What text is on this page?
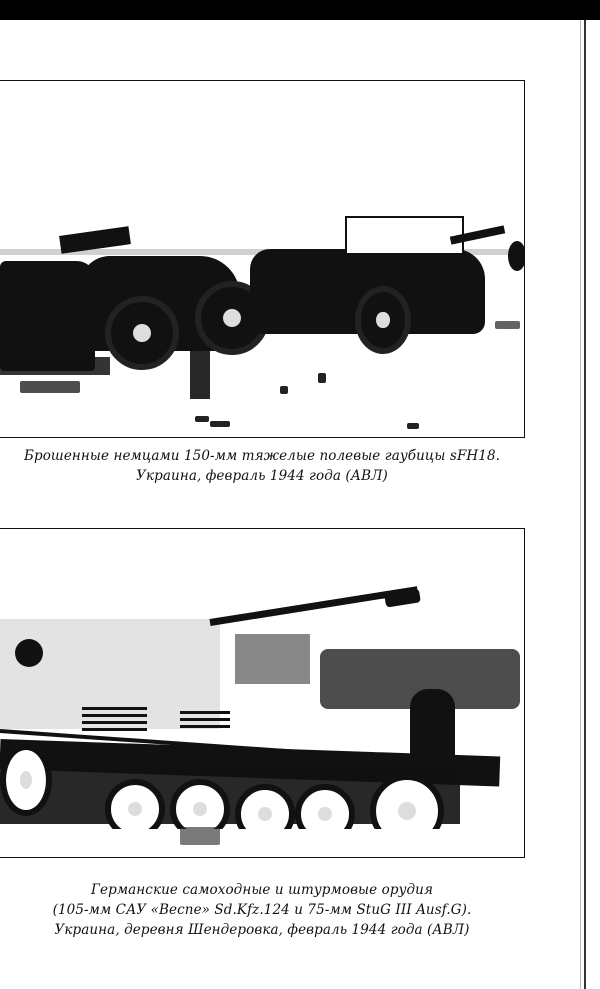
Брошенные немцами 150-мм тяжелые полевые гаубицы sFH18.
Украина, февраль 1944 года (АВЛ)
Германские самоходные и штурмовые орудия
(105-мм САУ «Веспе» Sd.Kfz.124 и 75-мм StuG III Ausf.G).
Украина, деревня Шендеровка, февраль 1944 года (АВЛ)
